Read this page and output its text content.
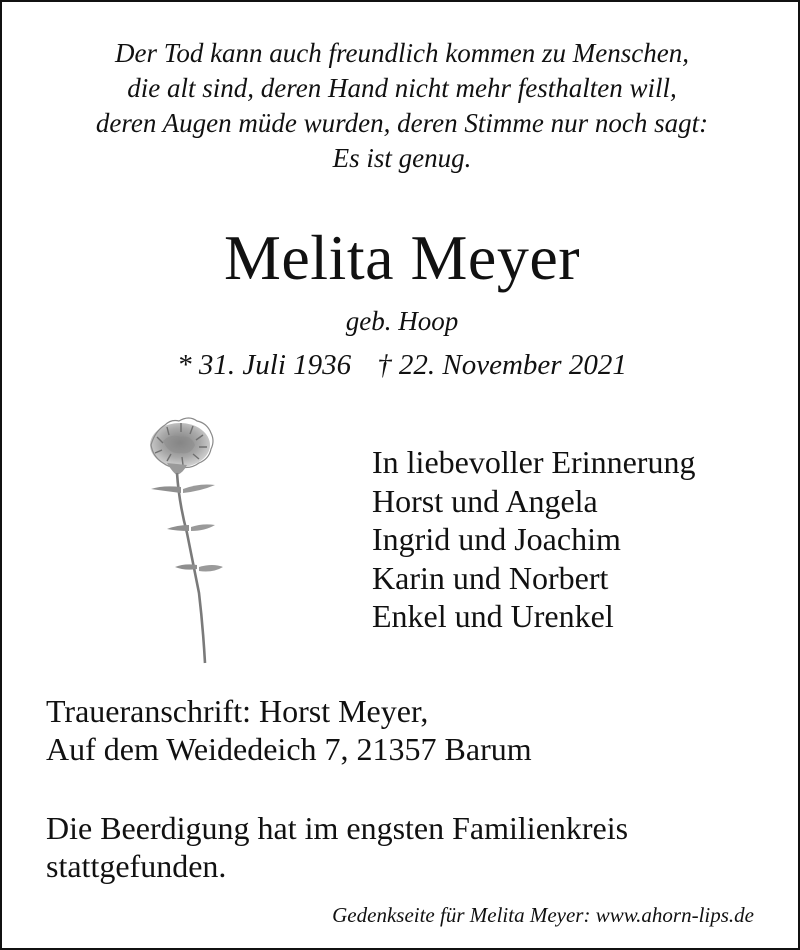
Der Tod kann auch freundlich kommen zu Menschen,
die alt sind, deren Hand nicht mehr festhalten will,
deren Augen müde wurden, deren Stimme nur noch sagt:
Es ist genug.
Melita Meyer
geb. Hoop
* 31. Juli 1936 † 22. November 2021
In liebevoller Erinnerung
Horst und Angela
Ingrid und Joachim
Karin und Norbert
Enkel und Urenkel
Traueranschrift: Horst Meyer,
Auf dem Weidedeich 7, 21357 Barum
Die Beerdigung hat im engsten Familienkreis
stattgefunden.
Gedenkseite für Melita Meyer: www.ahorn-lips.de
